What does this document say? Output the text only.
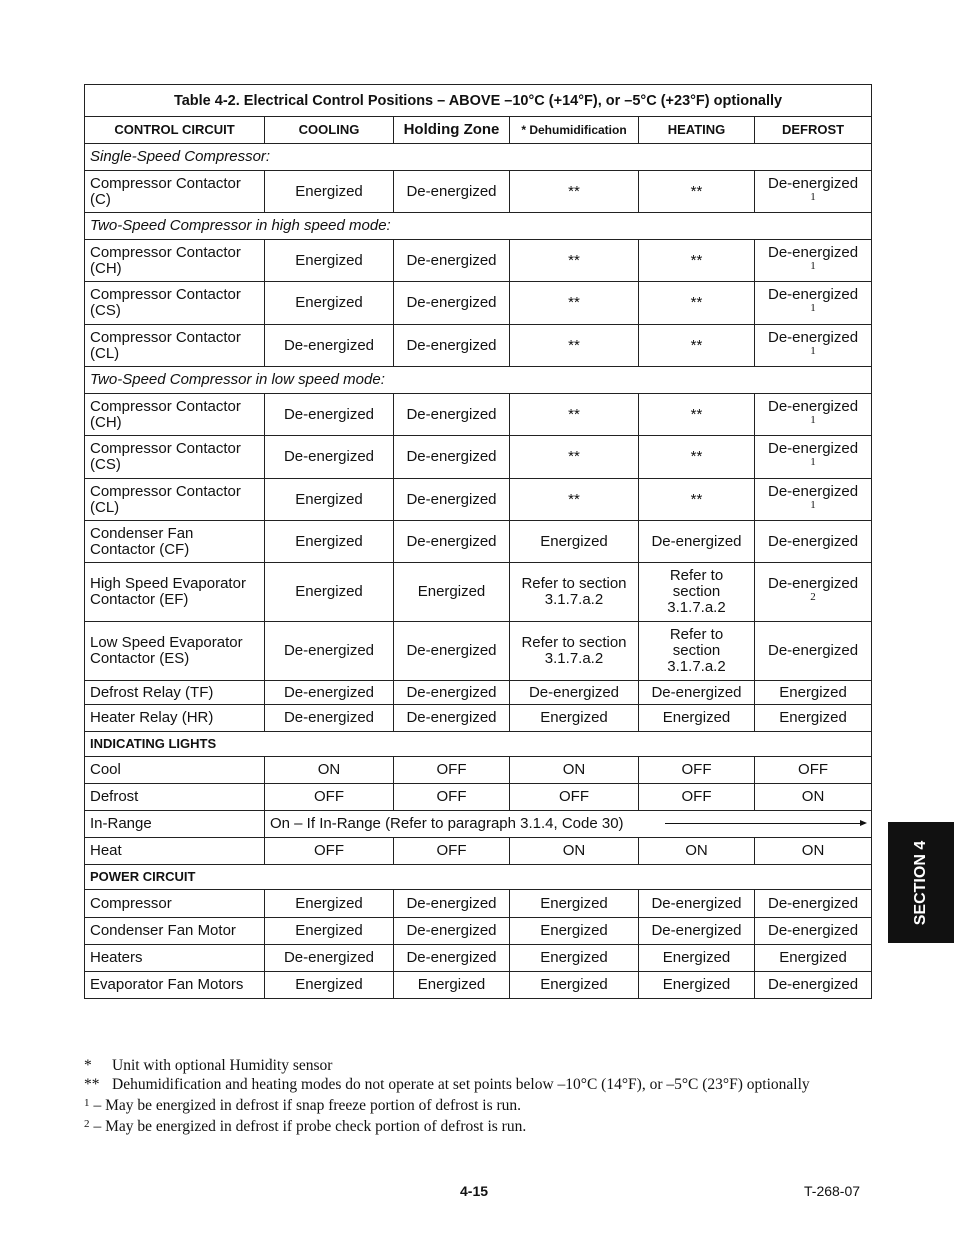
Table 4-2. Electrical Control Positions – ABOVE –10°C (+14°F), or –5°C (+23°F) optionally					
CONTROL CIRCUIT	COOLING	Holding Zone	* Dehumidification	HEATING	DEFROST
Single-Speed Compressor:					
Compressor Contactor (C)	Energized	De-energized	**	**	De-energized
1

Two-Speed Compressor in high speed mode:					
Compressor Contactor (CH)	Energized	De-energized	**	**	De-energized
1

Compressor Contactor (CS)	Energized	De-energized	**	**	De-energized
1

Compressor Contactor (CL)	De-energized	De-energized	**	**	De-energized
1

Two-Speed Compressor in low speed mode:					
Compressor Contactor (CH)	De-energized	De-energized	**	**	De-energized
1

Compressor Contactor (CS)	De-energized	De-energized	**	**	De-energized
1

Compressor Contactor (CL)	Energized	De-energized	**	**	De-energized
1

Condenser Fan Contactor (CF)	Energized	De-energized	Energized	De-energized	De-energized
High Speed Evaporator Contactor (EF)	Energized	Energized	Refer to section 3.1.7.a.2	Refer to section 3.1.7.a.2	De-energized
2

Low Speed Evaporator Contactor (ES)	De-energized	De-energized	Refer to section 3.1.7.a.2	Refer to section 3.1.7.a.2	De-energized
Defrost Relay (TF)	De-energized	De-energized	De-energized	De-energized	Energized
Heater Relay (HR)	De-energized	De-energized	Energized	Energized	Energized
INDICATING LIGHTS					
Cool	ON	OFF	ON	OFF	OFF
Defrost	OFF	OFF	OFF	OFF	ON
In-Range	On – If In-Range (Refer to paragraph 3.1.4, Code 30)				

Heat	OFF	OFF	ON	ON	ON
POWER CIRCUIT					
Compressor	Energized	De-energized	Energized	De-energized	De-energized
Condenser Fan Motor	Energized	De-energized	Energized	De-energized	De-energized
Heaters	De-energized	De-energized	Energized	Energized	Energized
Evaporator Fan Motors	Energized	Energized	Energized	Energized	De-energized
* Unit with optional Humidity sensor
** Dehumidification and heating modes do not operate at set points below –10°C (14°F), or –5°C (23°F) optionally
$^1$ – May be energized in defrost if snap freeze portion of defrost is run.
$^2$ – May be energized in defrost if probe check portion of defrost is run.
SECTION 4
4-15	T-268-07
